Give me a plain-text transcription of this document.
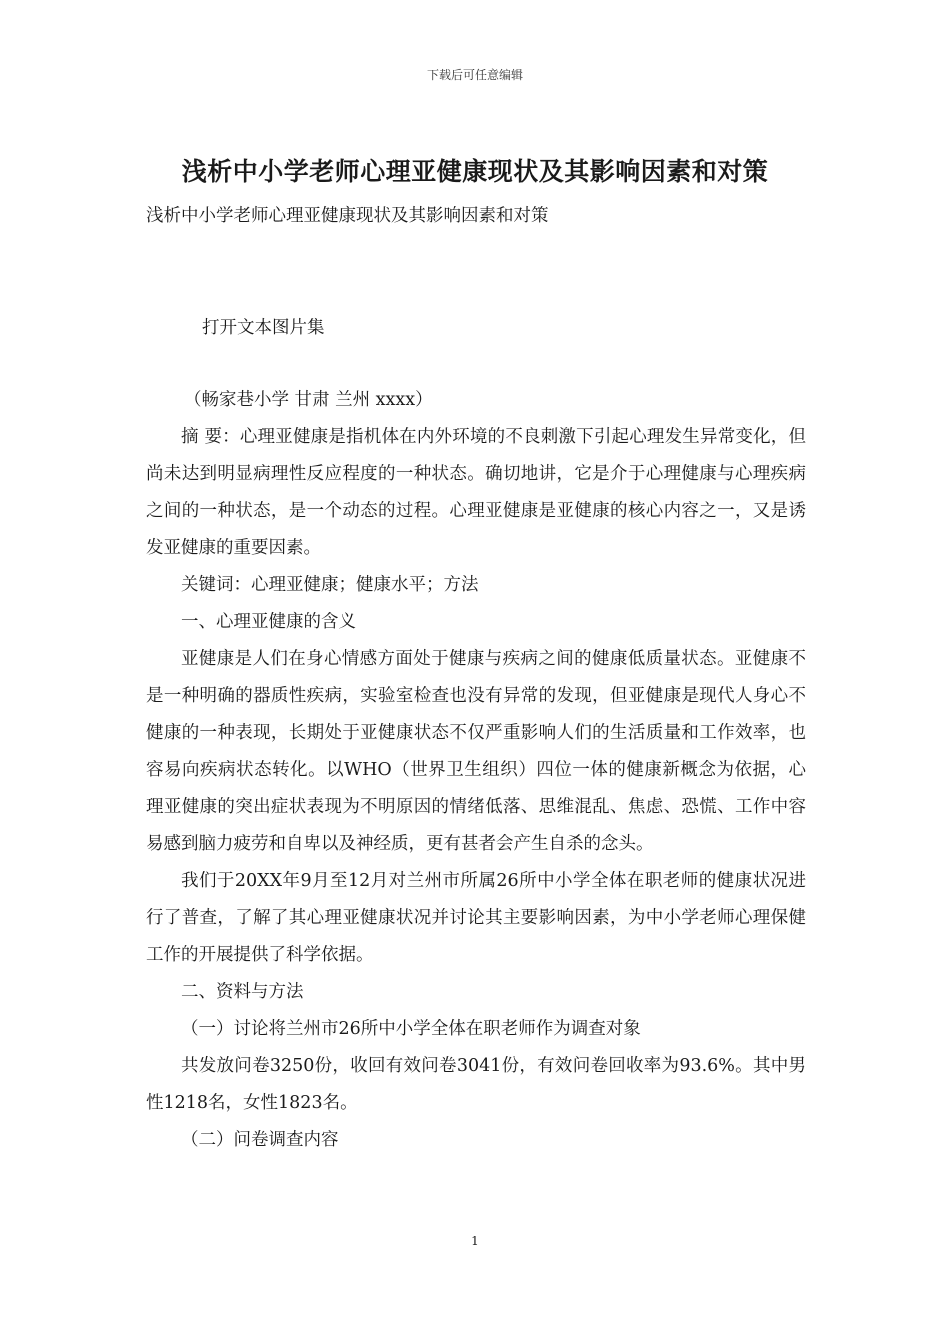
下载后可任意编辑
浅析中小学老师心理亚健康现状及其影响因素和对策
浅析中小学老师心理亚健康现状及其影响因素和对策
打开文本图片集

（畅家巷小学 甘肃 兰州 xxxx）

摘 要：心理亚健康是指机体在内外环境的不良刺激下引起心理发生异常变化，但尚未达到明显病理性反应程度的一种状态。确切地讲，它是介于心理健康与心理疾病之间的一种状态，是一个动态的过程。心理亚健康是亚健康的核心内容之一，又是诱发亚健康的重要因素。

关键词：心理亚健康；健康水平；方法

一、心理亚健康的含义

亚健康是人们在身心情感方面处于健康与疾病之间的健康低质量状态。亚健康不是一种明确的器质性疾病，实验室检查也没有异常的发现，但亚健康是现代人身心不健康的一种表现，长期处于亚健康状态不仅严重影响人们的生活质量和工作效率，也容易向疾病状态转化。以WHO（世界卫生组织）四位一体的健康新概念为依据，心理亚健康的突出症状表现为不明原因的情绪低落、思维混乱、焦虑、恐慌、工作中容易感到脑力疲劳和自卑以及神经质，更有甚者会产生自杀的念头。

我们于20XX年9月至12月对兰州市所属26所中小学全体在职老师的健康状况进行了普查，了解了其心理亚健康状况并讨论其主要影响因素，为中小学老师心理保健工作的开展提供了科学依据。

二、资料与方法

（一）讨论将兰州市26所中小学全体在职老师作为调查对象

共发放问卷3250份，收回有效问卷3041份，有效问卷回收率为93.6%。其中男性1218名，女性1823名。

（二）问卷调查内容

1
